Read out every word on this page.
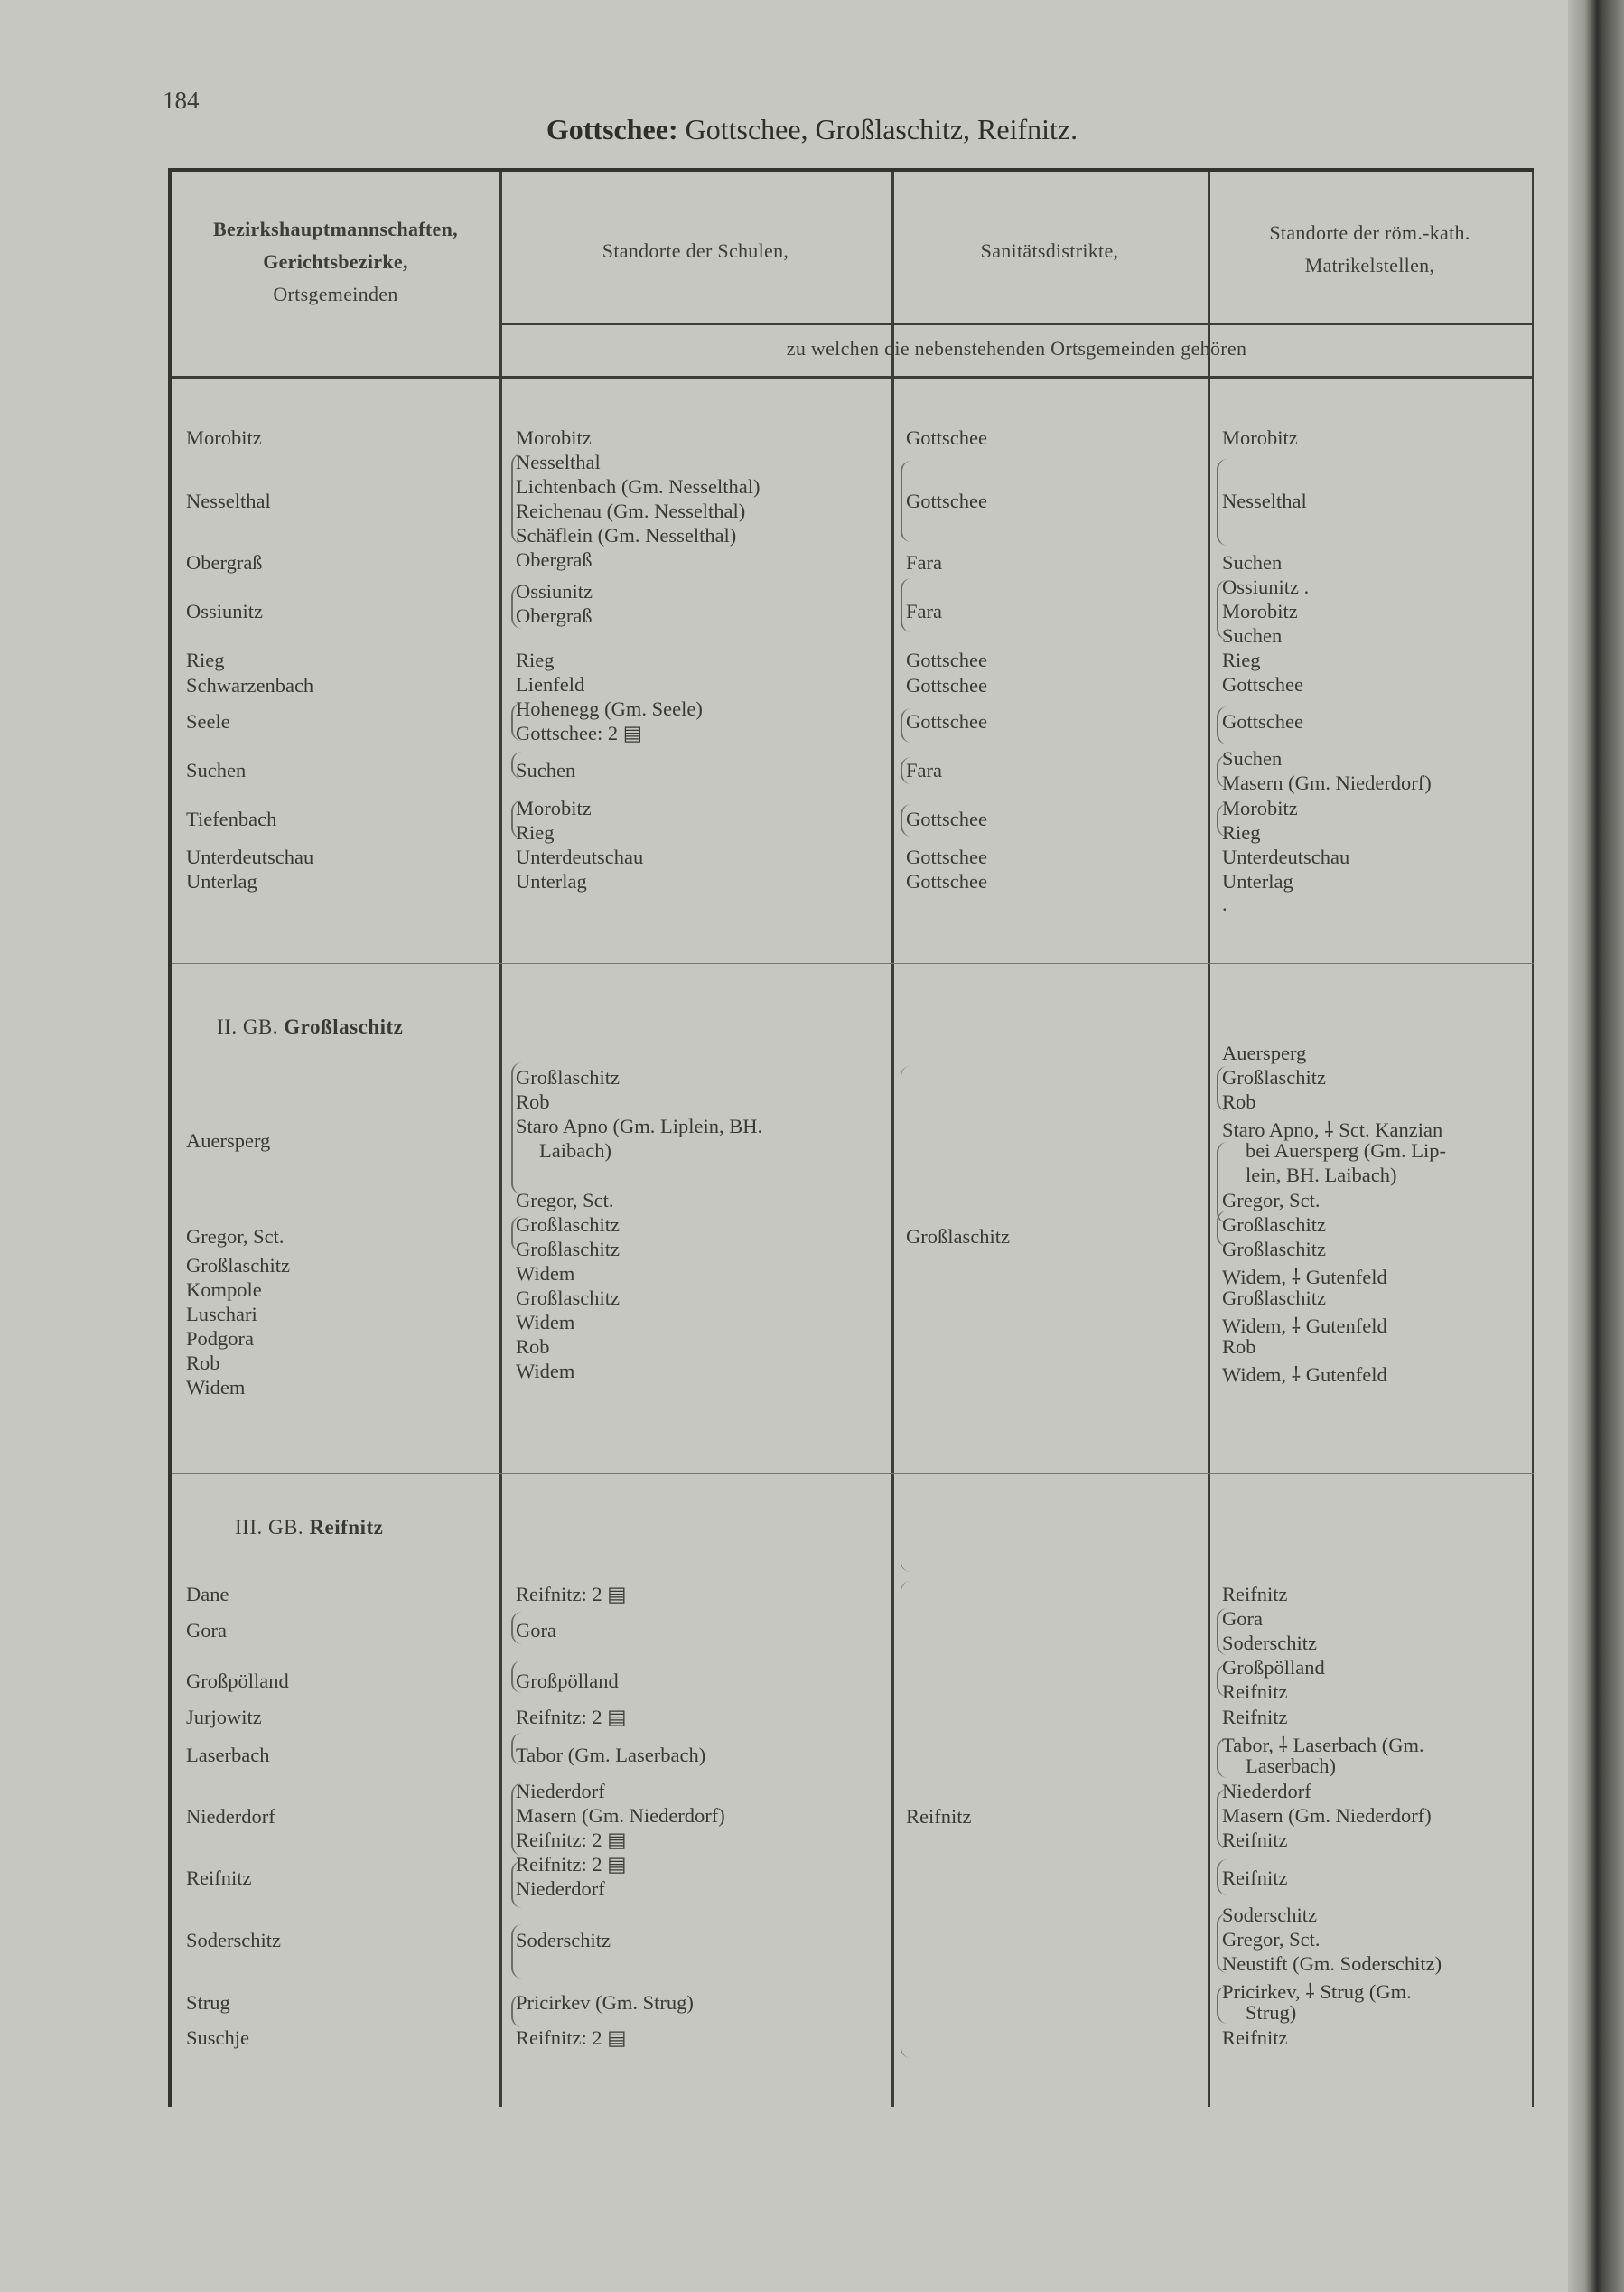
184
Gottschee: Gottschee, Großlaschitz, Reifnitz.
Bezirkshauptmannschaften,
Gerichtsbezirke,
Ortsgemeinden
Standorte der Schulen,	Sanitätsdistrikte,
Standorte der röm.-kath.
Matrikelstellen,
zu welchen die nebenstehenden Ortsgemeinden gehören
Morobitz
Nesselthal
Obergraß
Ossiunitz
Rieg
Schwarzenbach
Seele
Suchen
Tiefenbach
Unterdeutschau
Unterlag
Morobitz
Nesselthal
Lichtenbach (Gm. Nesselthal)
Reichenau (Gm. Nesselthal)
Schäflein (Gm. Nesselthal)
Obergraß
Ossiunitz
Obergraß
Rieg
Lienfeld
Hohenegg (Gm. Seele)
Gottschee: 2 ▤
Suchen
Morobitz
Rieg
Unterdeutschau
Unterlag
Gottschee
Gottschee
Fara
Fara
Gottschee
Gottschee
Gottschee
Fara
Gottschee
Gottschee
Gottschee
Morobitz
Nesselthal
Suchen
Ossiunitz .
Morobitz
Suchen
Rieg
Gottschee
Gottschee
Suchen
Masern (Gm. Niederdorf)
Morobitz
Rieg
Unterdeutschau
Unterlag
.
II. GB. Großlaschitz
Auersperg
Gregor, Sct.
Großlaschitz
Kompole
Luschari
Podgora
Rob
Widem
Großlaschitz
Rob
Staro Apno (Gm. Liplein, BH.
Laibach)
Gregor, Sct.
Großlaschitz
Großlaschitz
Widem
Großlaschitz
Widem
Rob
Widem
Großlaschitz
Auersperg
Großlaschitz
Rob
Staro Apno, ⸸ Sct. Kanzian
bei Auersperg (Gm. Lip-
lein, BH. Laibach)
Gregor, Sct.
Großlaschitz
Großlaschitz
Widem, ⸸ Gutenfeld
Großlaschitz
Widem, ⸸ Gutenfeld
Rob
Widem, ⸸ Gutenfeld
III. GB. Reifnitz
Dane
Gora
Großpölland
Jurjowitz
Laserbach
Niederdorf
Reifnitz
Soderschitz
Strug
Suschje
Reifnitz: 2 ▤
Gora
Großpölland
Reifnitz: 2 ▤
Tabor (Gm. Laserbach)
Niederdorf
Masern (Gm. Niederdorf)
Reifnitz: 2 ▤
Reifnitz: 2 ▤
Niederdorf
Soderschitz
Pricirkev (Gm. Strug)
Reifnitz: 2 ▤
Reifnitz
Reifnitz
Gora
Soderschitz
Großpölland
Reifnitz
Reifnitz
Tabor, ⸸ Laserbach (Gm.
Laserbach)
Niederdorf
Masern (Gm. Niederdorf)
Reifnitz
Reifnitz
Soderschitz
Gregor, Sct.
Neustift (Gm. Soderschitz)
Pricirkev, ⸸ Strug (Gm.
Strug)
Reifnitz
